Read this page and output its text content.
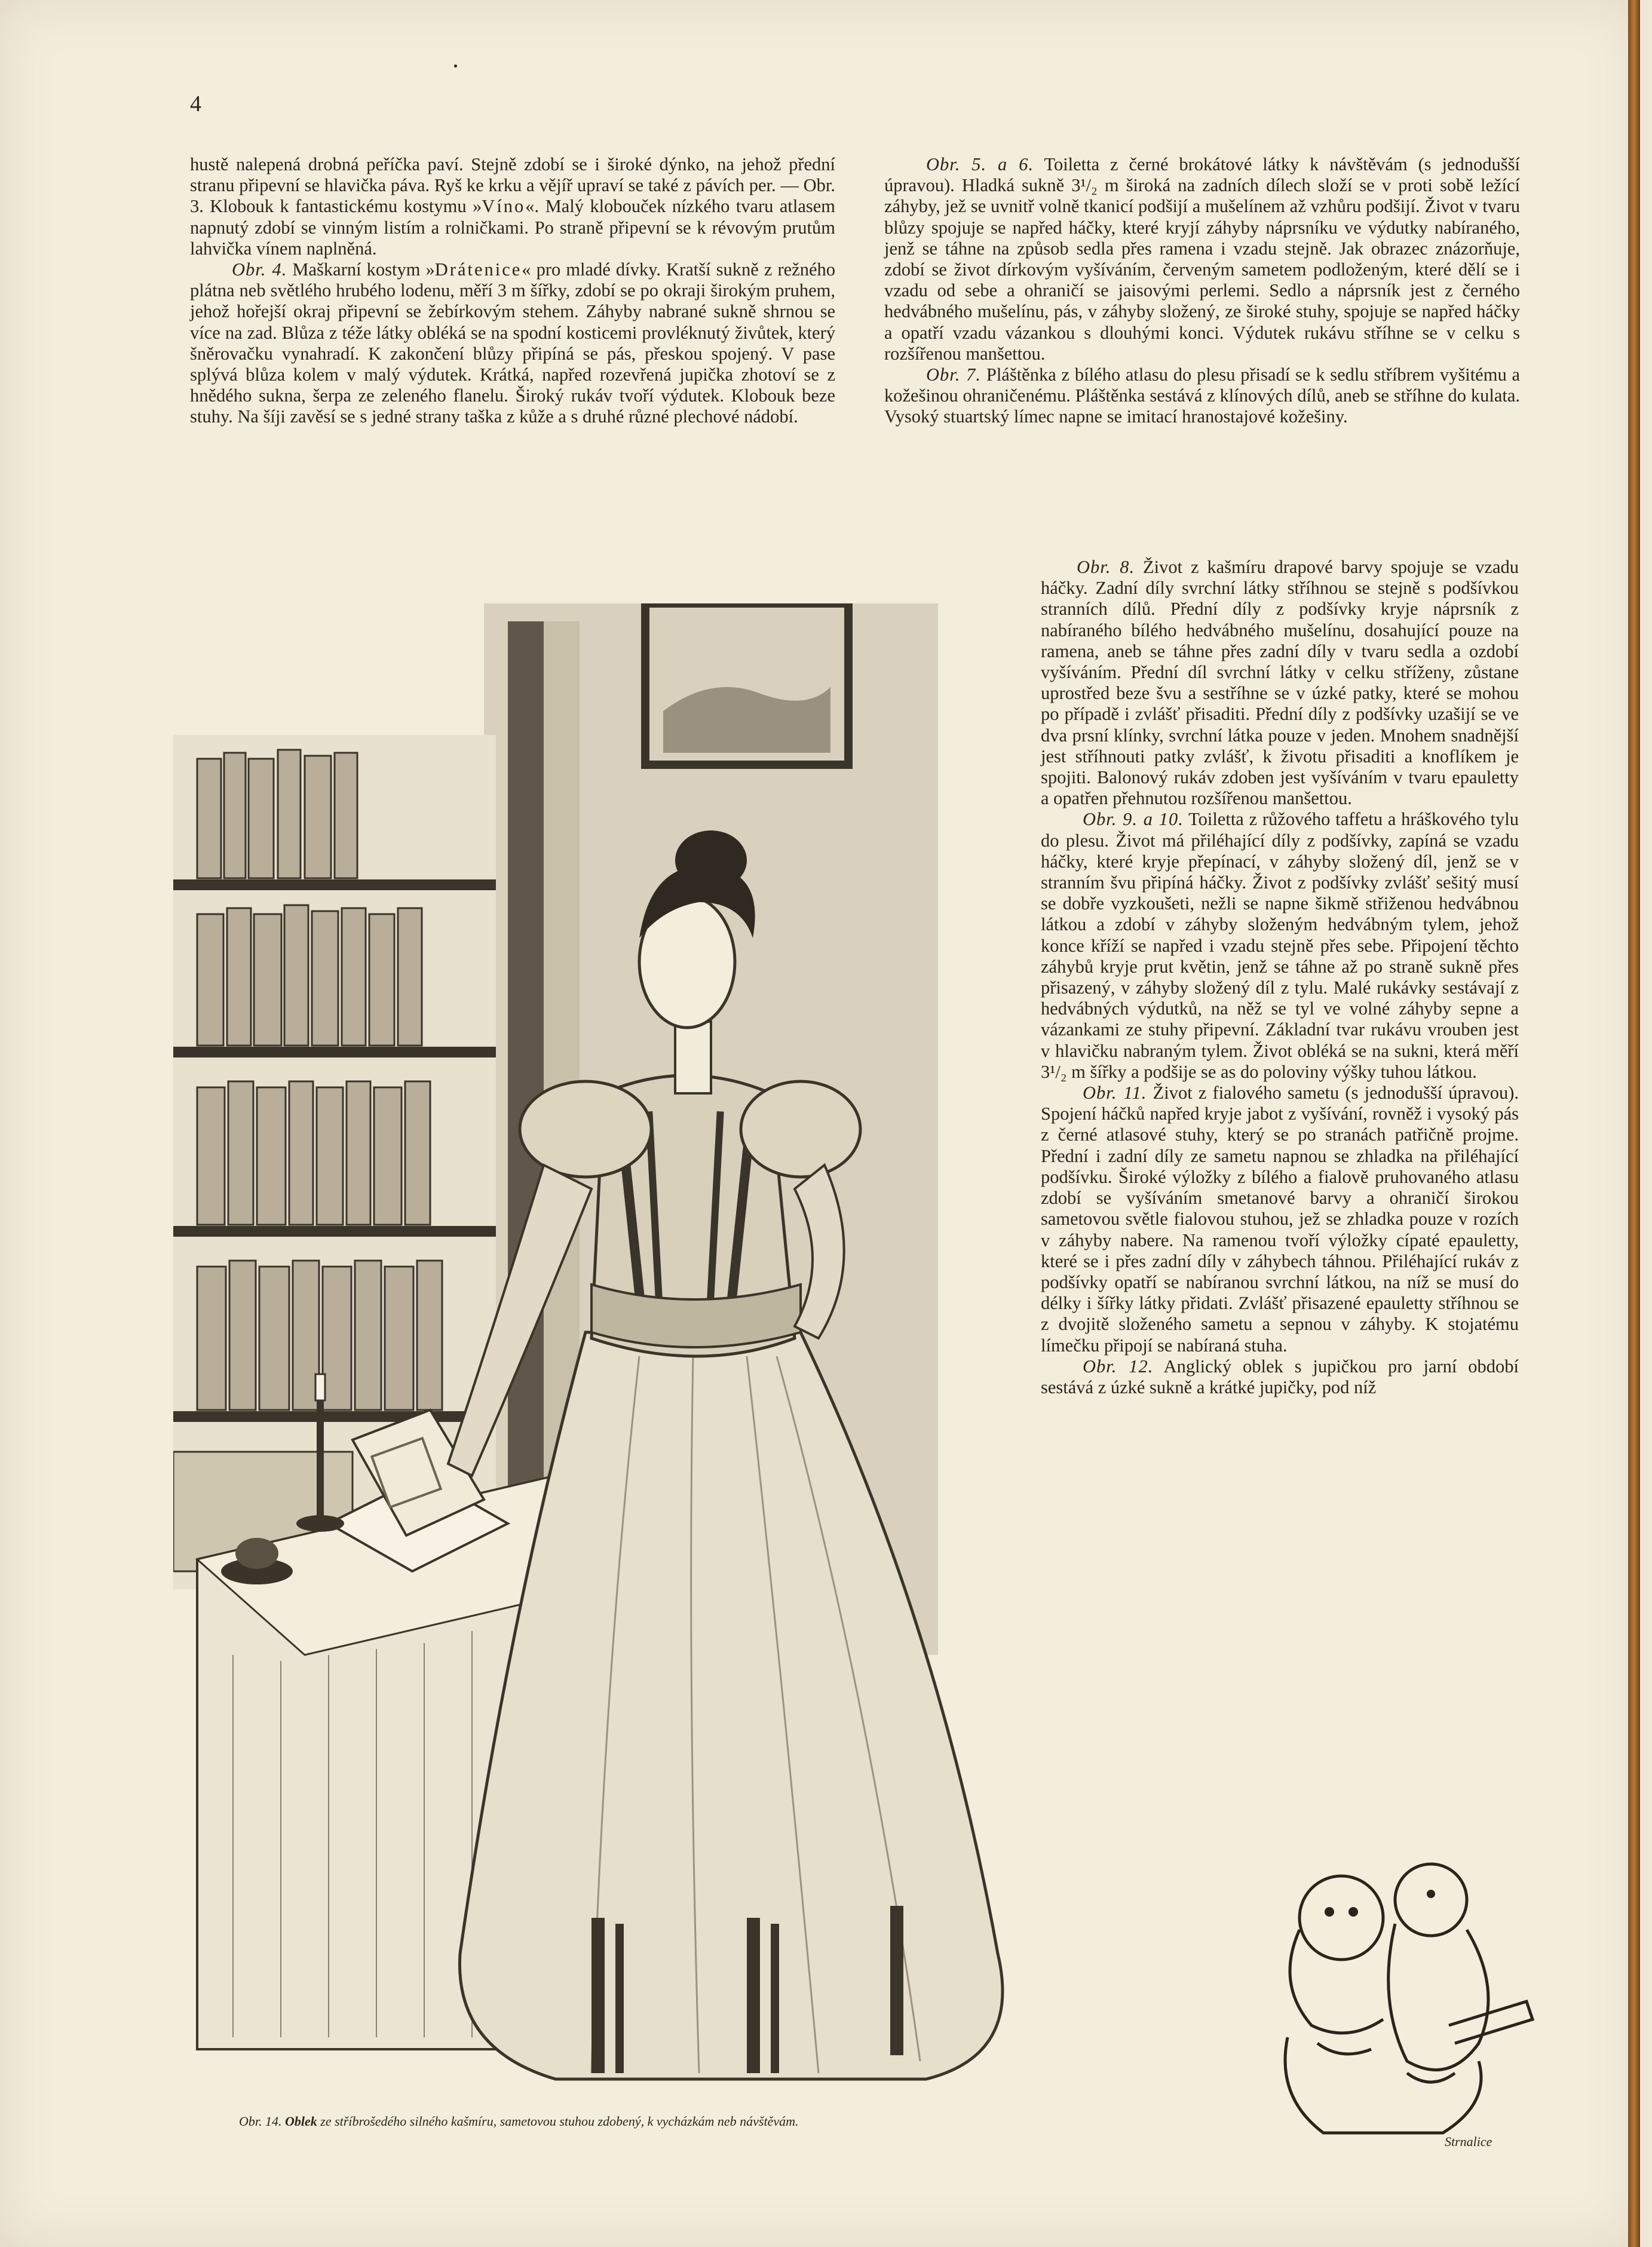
4

hustě nalepená drobná peříčka paví. Stejně zdobí se i široké dýnko, na jehož přední stranu připevní se hlavička páva. Ryš ke krku a vějíř upraví se také z pávích per. — Obr. 3. Klobouk k fantastickému kostymu »Víno«. Malý klobouček nízkého tvaru atlasem napnutý zdobí se vinným listím a rolničkami. Po straně připevní se k révovým prutům lahvička vínem naplněná.

Obr. 4. Maškarní kostym »Drátenice« pro mladé dívky. Kratší sukně z režného plátna neb světlého hrubého lodenu, měří 3 m šířky, zdobí se po okraji širokým pruhem, jehož hořejší okraj připevní se žebírkovým stehem. Záhyby nabrané sukně shrnou se více na zad. Blůza z téže látky obléká se na spodní kosticemi provléknutý živůtek, který šněrovačku vynahradí. K zakončení blůzy připíná se pás, přeskou spojený. V pase splývá blůza kolem v malý výdutek. Krátká, napřed rozevřená jupička zhotoví se z hnědého sukna, šerpa ze zeleného flanelu. Široký rukáv tvoří výdutek. Klobouk beze stuhy. Na šíji zavěsí se s jedné strany taška z kůže a s druhé různé plechové nádobí.

Obr. 5. a 6. Toiletta z černé brokátové látky k návštěvám (s jednodušší úpravou). Hladká sukně 3¹/₂ m široká na zadních dílech složí se v proti sobě ležící záhyby, jež se uvnitř volně tkanicí podšijí a mušelínem až vzhůru podšijí. Život v tvaru blůzy spojuje se napřed háčky, které kryjí záhyby náprsníku ve výdutky nabíraného, jenž se táhne na způsob sedla přes ramena i vzadu stejně. Jak obrazec znázorňuje, zdobí se život dírkovým vyšíváním, červeným sametem podloženým, které dělí se i vzadu od sebe a ohraničí se jaisovými perlemi. Sedlo a náprsník jest z černého hedvábného mušelínu, pás, v záhyby složený, ze široké stuhy, spojuje se napřed háčky a opatří vzadu vázankou s dlouhými konci. Výdutek rukávu stříhne se v celku s rozšířenou manšettou.

Obr. 7. Pláštěnka z bílého atlasu do plesu přisadí se k sedlu stříbrem vyšitému a kožešinou ohraničenému. Pláštěnka sestává z klínových dílů, aneb se stříhne do kulata. Vysoký stuartský límec napne se imitací hranostajové kožešiny.

Obr. 8. Život z kašmíru drapové barvy spojuje se vzadu háčky. Zadní díly svrchní látky stříhnou se stejně s podšívkou stranních dílů. Přední díly z podšívky kryje náprsník z nabíraného bílého hedvábného mušelínu, dosahující pouze na ramena, aneb se táhne přes zadní díly v tvaru sedla a ozdobí vyšíváním. Přední díl svrchní látky v celku stříženy, zůstane uprostřed beze švu a sestříhne se v úzké patky, které se mohou po případě i zvlášť přisaditi. Přední díly z podšívky uzašijí se ve dva prsní klínky, svrchní látka pouze v jeden. Mnohem snadnější jest stříhnouti patky zvlášť, k životu přisaditi a knoflíkem je spojiti. Balonový rukáv zdoben jest vyšíváním v tvaru epauletty a opatřen přehnutou rozšířenou manšettou.

Obr. 9. a 10. Toiletta z růžového taffetu a hráškového tylu do plesu. Život má přiléhající díly z podšívky, zapíná se vzadu háčky, které kryje přepínací, v záhyby složený díl, jenž se v stranním švu připíná háčky. Život z podšívky zvlášť sešitý musí se dobře vyzkoušeti, nežli se napne šikmě střiženou hedvábnou látkou a zdobí v záhyby složeným hedvábným tylem, jehož konce kříží se napřed i vzadu stejně přes sebe. Připojení těchto záhybů kryje prut květin, jenž se táhne až po straně sukně přes přisazený, v záhyby složený díl z tylu. Malé rukávky sestávají z hedvábných výdutků, na něž se tyl ve volné záhyby sepne a vázankami ze stuhy připevní. Základní tvar rukávu vrouben jest v hlavičku nabraným tylem. Život obléká se na sukni, která měří 3¹/₂ m šířky a podšije se as do poloviny výšky tuhou látkou.

Obr. 11. Život z fialového sametu (s jednodušší úpravou). Spojení háčků napřed kryje jabot z vyšívání, rovněž i vysoký pás z černé atlasové stuhy, který se po stranách patřičně projme. Přední i zadní díly ze sametu napnou se zhladka na přiléhající podšívku. Široké výložky z bílého a fialově pruhovaného atlasu zdobí se vyšíváním smetanové barvy a ohraničí širokou sametovou světle fialovou stuhou, jež se zhladka pouze v rozích v záhyby nabere. Na ramenou tvoří výložky cípaté epauletty, které se i přes zadní díly v záhybech táhnou. Přiléhající rukáv z podšívky opatří se nabíranou svrchní látkou, na níž se musí do délky i šířky látky přidati. Zvlášť přisazené epauletty stříhnou se z dvojitě složeného sametu a sepnou v záhyby. K stojatému límečku připojí se nabíraná stuha.

Obr. 12. Anglický oblek s jupičkou pro jarní období sestává z úzké sukně a krátké jupičky, pod níž

Obr. 14. Oblek ze stříbrošedého silného kašmíru, sametovou stuhou zdobený, k vycházkám neb návštěvám.

Strnalice
